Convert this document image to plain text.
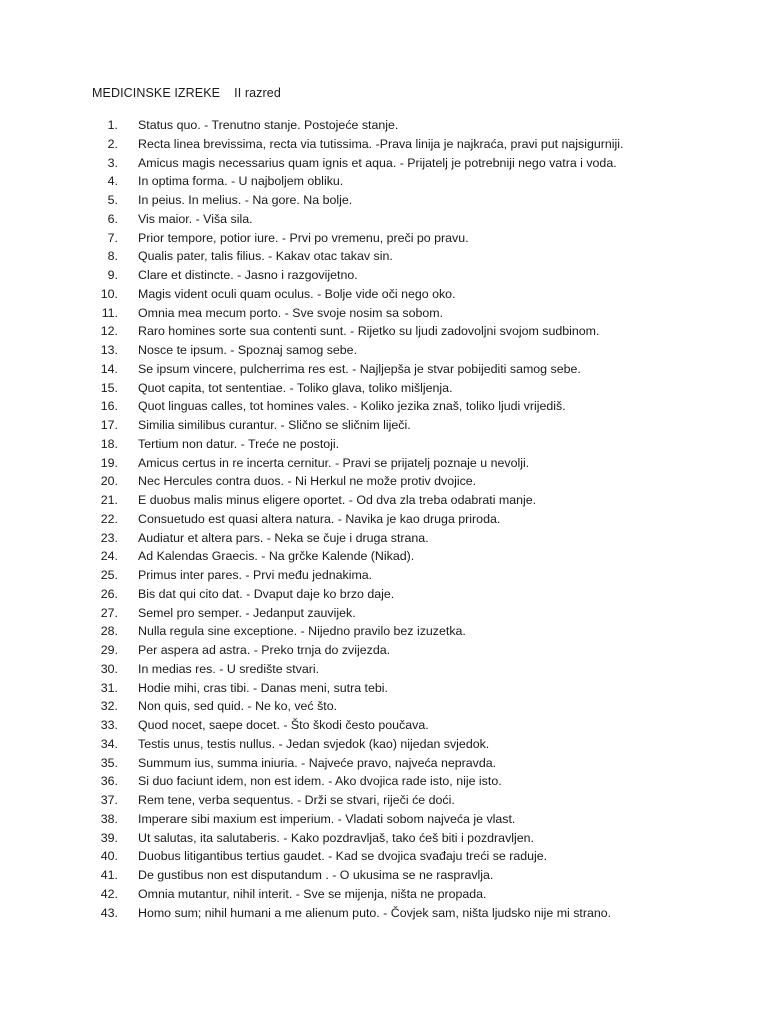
MEDICINSKE IZREKE II razred
1. Status quo. - Trenutno stanje. Postojeće stanje.
2. Recta linea brevissima, recta via tutissima. -Prava linija je najkraća, pravi put najsigurniji.
3. Amicus magis necessarius quam ignis et aqua. - Prijatelj je potrebniji nego vatra i voda.
4. In optima forma. - U najboljem obliku.
5. In peius. In melius. - Na gore. Na bolje.
6. Vis maior. - Viša sila.
7. Prior tempore, potior iure. - Prvi po vremenu, preči po pravu.
8. Qualis pater, talis filius. - Kakav otac takav sin.
9. Clare et distincte. - Jasno i razgovijetno.
10. Magis vident oculi quam oculus. - Bolje vide oči nego oko.
11. Omnia mea mecum porto. - Sve svoje nosim sa sobom.
12. Raro homines sorte sua contenti sunt. - Rijetko su ljudi zadovoljni svojom sudbinom.
13. Nosce te ipsum. - Spoznaj samog sebe.
14. Se ipsum vincere, pulcherrima res est. - Najljepša je stvar pobijediti samog sebe.
15. Quot capita, tot sententiae. - Toliko glava, toliko mišljenja.
16. Quot linguas calles, tot homines vales. - Koliko jezika znaš, toliko ljudi vrijediš.
17. Similia similibus curantur. - Slično se sličnim liječi.
18. Tertium non datur. - Treće ne postoji.
19. Amicus certus in re incerta cernitur. - Pravi se prijatelj poznaje u nevolji.
20. Nec Hercules contra duos. - Ni Herkul ne može protiv dvojice.
21. E duobus malis minus eligere oportet. - Od dva zla treba odabrati manje.
22. Consuetudo est quasi altera natura. - Navika je kao druga priroda.
23. Audiatur et altera pars. - Neka se čuje i druga strana.
24. Ad Kalendas Graecis. - Na grčke Kalende (Nikad).
25. Primus inter pares. - Prvi među jednakima.
26. Bis dat qui cito dat. - Dvaput daje ko brzo daje.
27. Semel pro semper. - Jedanput zauvijek.
28. Nulla regula sine exceptione. - Nijedno pravilo bez izuzetka.
29. Per aspera ad astra. - Preko trnja do zvijezda.
30. In medias res. - U središte stvari.
31. Hodie mihi, cras tibi. - Danas meni, sutra tebi.
32. Non quis, sed quid. - Ne ko, već što.
33. Quod nocet, saepe docet. - Što škodi često poučava.
34. Testis unus, testis nullus. - Jedan svjedok (kao) nijedan svjedok.
35. Summum ius, summa iniuria. - Najveće pravo, najveća nepravda.
36. Si duo faciunt idem, non est idem. - Ako dvojica rade isto, nije isto.
37. Rem tene, verba sequentus. - Drži se stvari, riječi će doći.
38. Imperare sibi maxium est imperium. - Vladati sobom najveća je vlast.
39. Ut salutas, ita salutaberis. - Kako pozdravljaš, tako ćeš biti i pozdravljen.
40. Duobus litigantibus tertius gaudet. - Kad se dvojica svađaju treći se raduje.
41. De gustibus non est disputandum . - O ukusima se ne raspravlja.
42. Omnia mutantur, nihil interit. - Sve se mijenja, ništa ne propada.
43. Homo sum; nihil humani a me alienum puto. - Čovjek sam, ništa ljudsko nije mi strano.
